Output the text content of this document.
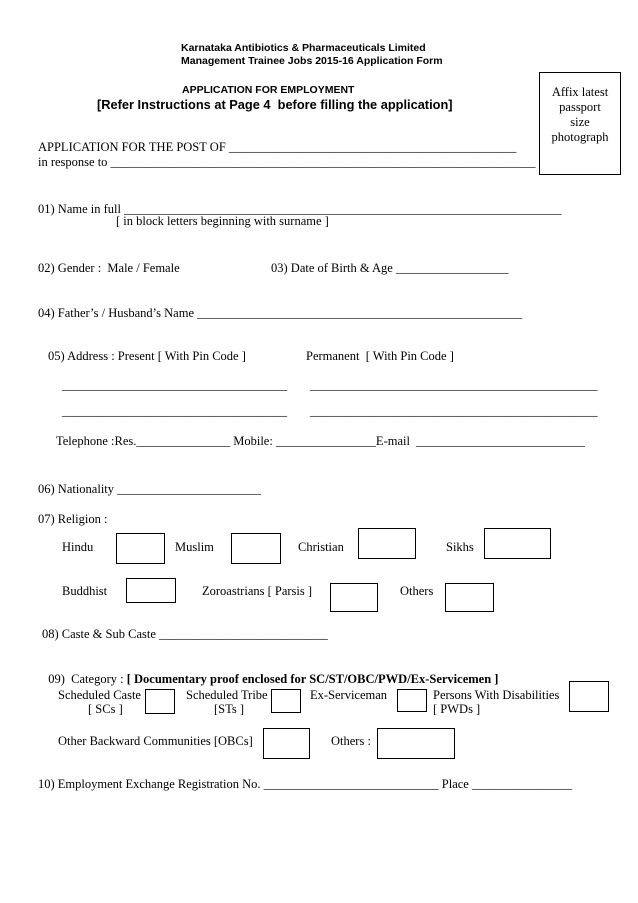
Karnataka Antibiotics & Pharmaceuticals Limited
Management Trainee Jobs 2015-16 Application Form
APPLICATION FOR EMPLOYMENT
[Refer Instructions at Page 4  before filling the application]
Affix latest
passport
size
photograph
APPLICATION FOR THE POST OF ______________________________________________
in response to ____________________________________________________________________
01) Name in full ______________________________________________________________________
[ in block letters beginning with surname ]
02) Gender :  Male / Female	03) Date of Birth & Age __________________
04) Father’s / Husband’s Name ____________________________________________________
05) Address : Present [ With Pin Code ]	Permanent  [ With Pin Code ]
____________________________________ ______________________________________________
____________________________________ ______________________________________________
Telephone :Res._______________ Mobile: ________________E-mail  ___________________________
06) Nationality _______________________
07) Religion :
Hindu	Muslim	Christian	Sikhs
Buddhist	Zoroastrians [ Parsis ]	Others
08) Caste & Sub Caste ___________________________

09)  Category : [ Documentary proof enclosed for SC/ST/OBC/PWD/Ex-Servicemen ]

Scheduled Caste
[ SCs ]
Scheduled Tribe
[STs ]
Ex-Serviceman	Persons With Disabilities
[ PWDs ]
Other Backward Communities [OBCs]	Others :
10) Employment Exchange Registration No. ____________________________ Place ________________
